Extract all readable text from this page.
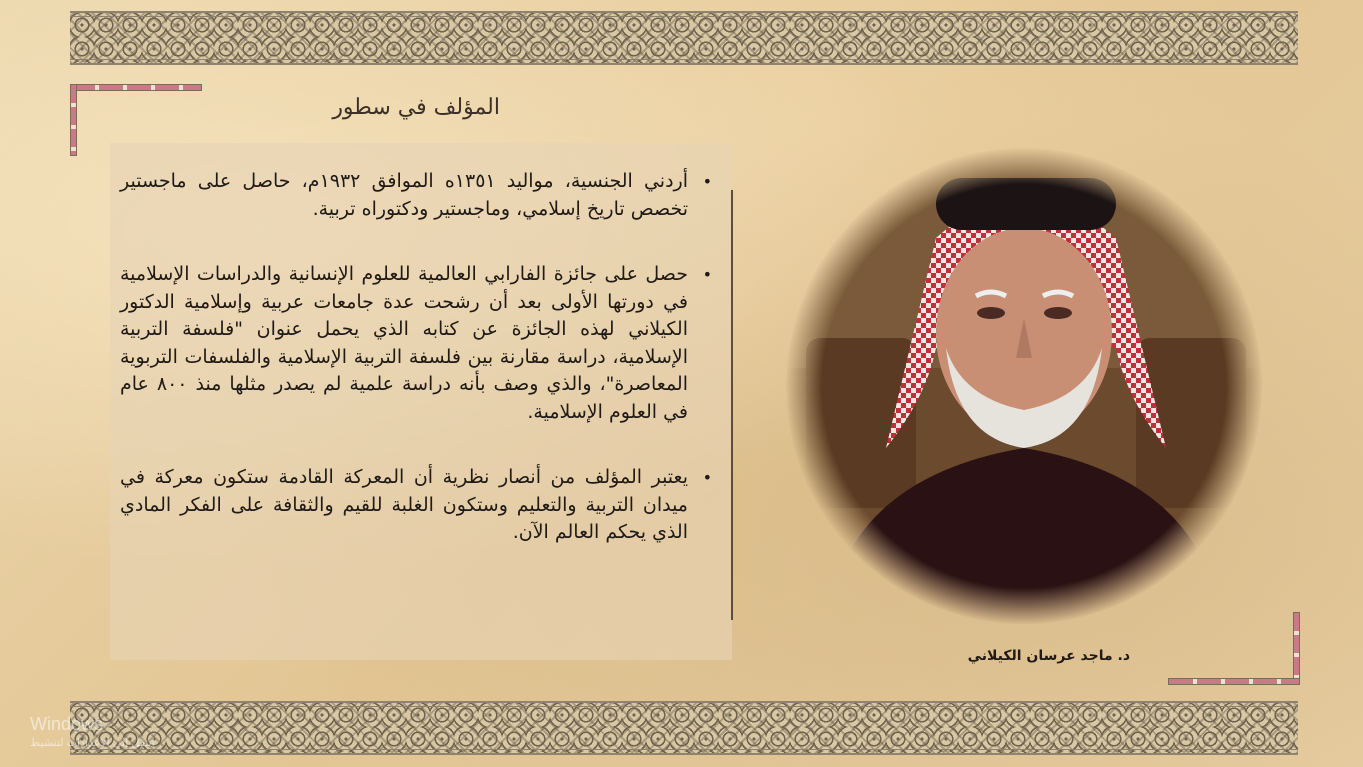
المؤلف في سطور
•
أردني الجنسية، مواليد ١٣٥١ه الموافق ١٩٣٢م، حاصل على ماجستير تخصص تاريخ إسلامي، وماجستير ودكتوراه تربية.
•
حصل على جائزة الفارابي العالمية للعلوم الإنسانية والدراسات الإسلامية في دورتها الأولى بعد أن رشحت عدة جامعات عربية وإسلامية الدكتور الكيلاني لهذه الجائزة عن كتابه الذي يحمل عنوان "فلسفة التربية الإسلامية، دراسة مقارنة بين فلسفة التربية الإسلامية والفلسفات التربوية المعاصرة"، والذي وصف بأنه دراسة علمية لم يصدر مثلها منذ ٨٠٠ عام في العلوم الإسلامية.
•
يعتبر المؤلف من أنصار نظرية أن المعركة القادمة ستكون معركة في ميدان التربية والتعليم وستكون الغلبة للقيم والثقافة على الفكر المادي الذي يحكم العالم الآن.
د. ماجد عرسان الكيلاني
Windows
انتقل إلى الإعدادات لتنشيط
